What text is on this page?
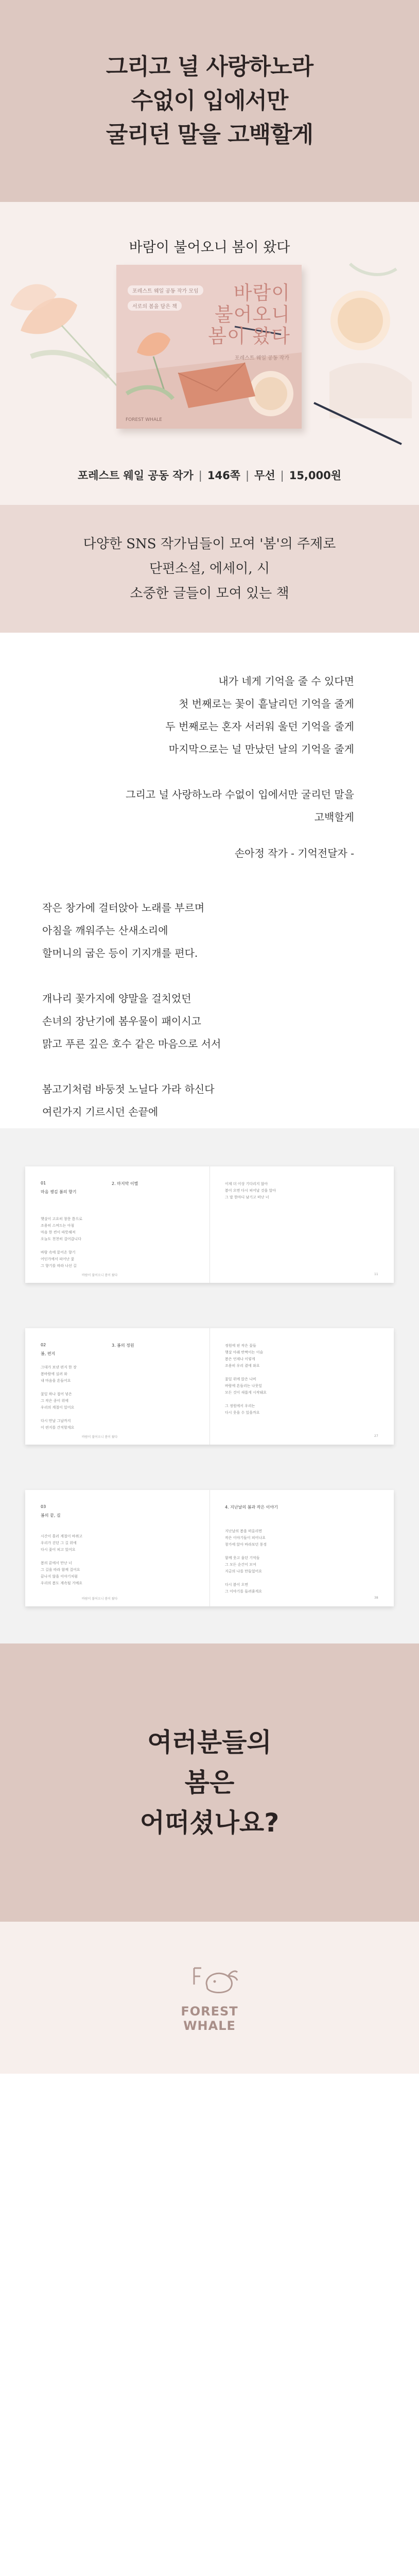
그리고 널 사랑하노라
수없이 입에서만
굴리던 말을 고백할게
바람이 불어오니 봄이 왔다
포레스트 웨일 공동 작가 모임
서로의 봄을 담은 책
바람이
불어오니
봄이 왔다
포레스트 웨일 공동 작가
FOREST WHALE
포레스트 웨일 공동 작가 | 146쪽 | 무선 | 15,000원

다양한 SNS 작가님들이 모여 '봄'의 주제로

단편소설, 에세이, 시

소중한 글들이 모여 있는 책

내가 네게 기억을 줄 수 있다면
첫 번째로는 꽃이 흩날리던 기억을 줄게
두 번째로는 혼자 서러워 울던 기억을 줄게
마지막으로는 널 만났던 날의 기억을 줄게
그리고 널 사랑하노라 수없이 입에서만 굴리던 말을
고백할게
손아정 작가 - 기억전달자 -
작은 창가에 걸터앉아 노래를 부르며
아침을 깨워주는 산새소리에
할머니의 굽은 등이 기지개를 편다.
개나리 꽃가지에 양말을 걸치었던
손녀의 장난기에 봄우물이 패이시고
맑고 푸른 깊은 호수 같은 마음으로 서서
봄고기처럼 바둥젓 노닐다 가라 하신다
여린가지 기르시던 손끝에
01
마음 챙김 봄의 향기
햇살이 고요히 창문 틈으로
조용히 스며드는 아침
마음 한 켠이 따뜻해져
오늘도 천천히 걸어갑니다

바람 속에 묻어온 향기
어딘가에서 피어난 꽃
그 향기를 따라 나선 길
바람이 불어오니 봄이 왔다
2. 마지막 이별	이제 더 이상 기다리지 않아
봄이 오면 다시 피어날 것을 알아
그 말 한마디 남기고 떠난 너
11
02
봄, 편지
그대가 보낸 편지 한 장
봄바람에 실려 와
내 마음을 흔들어요

꽃잎 하나 접어 넣은
그 작은 종이 위에
우리의 계절이 있어요

다시 만날 그날까지
이 편지를 간직할게요
바람이 불어오니 봄이 왔다
3. 봄의 정원	정원에 핀 작은 꽃들
햇살 아래 반짝이는 이슬
봄은 언제나 이렇게
조용히 우리 곁에 와요

꽃잎 위에 앉은 나비
바람에 흔들리는 나뭇잎
모든 것이 새롭게 시작돼요

그 정원에서 우리는
다시 웃을 수 있을까요
27
03
봄의 끝, 길
시간이 흘러 계절이 바뀌고
우리가 걷던 그 길 위에
다시 꽃이 피고 있어요

봄의 끝에서 만난 너
그 길을 따라 함께 걸어요
끝나지 않을 이야기처럼
우리의 봄도 계속될 거예요
바람이 불어오니 봄이 왔다
4. 지난날의 봄과 작은 이야기
지난날의 봄을 떠올리면
작은 이야기들이 피어나요
창가에 앉아 바라보던 풍경

함께 웃고 울던 기억들
그 모든 순간이 모여
지금의 나를 만들었어요

다시 봄이 오면
그 이야기를 들려줄게요
38
여러분들의
봄은
어떠셨나요?
FOREST
WHALE
